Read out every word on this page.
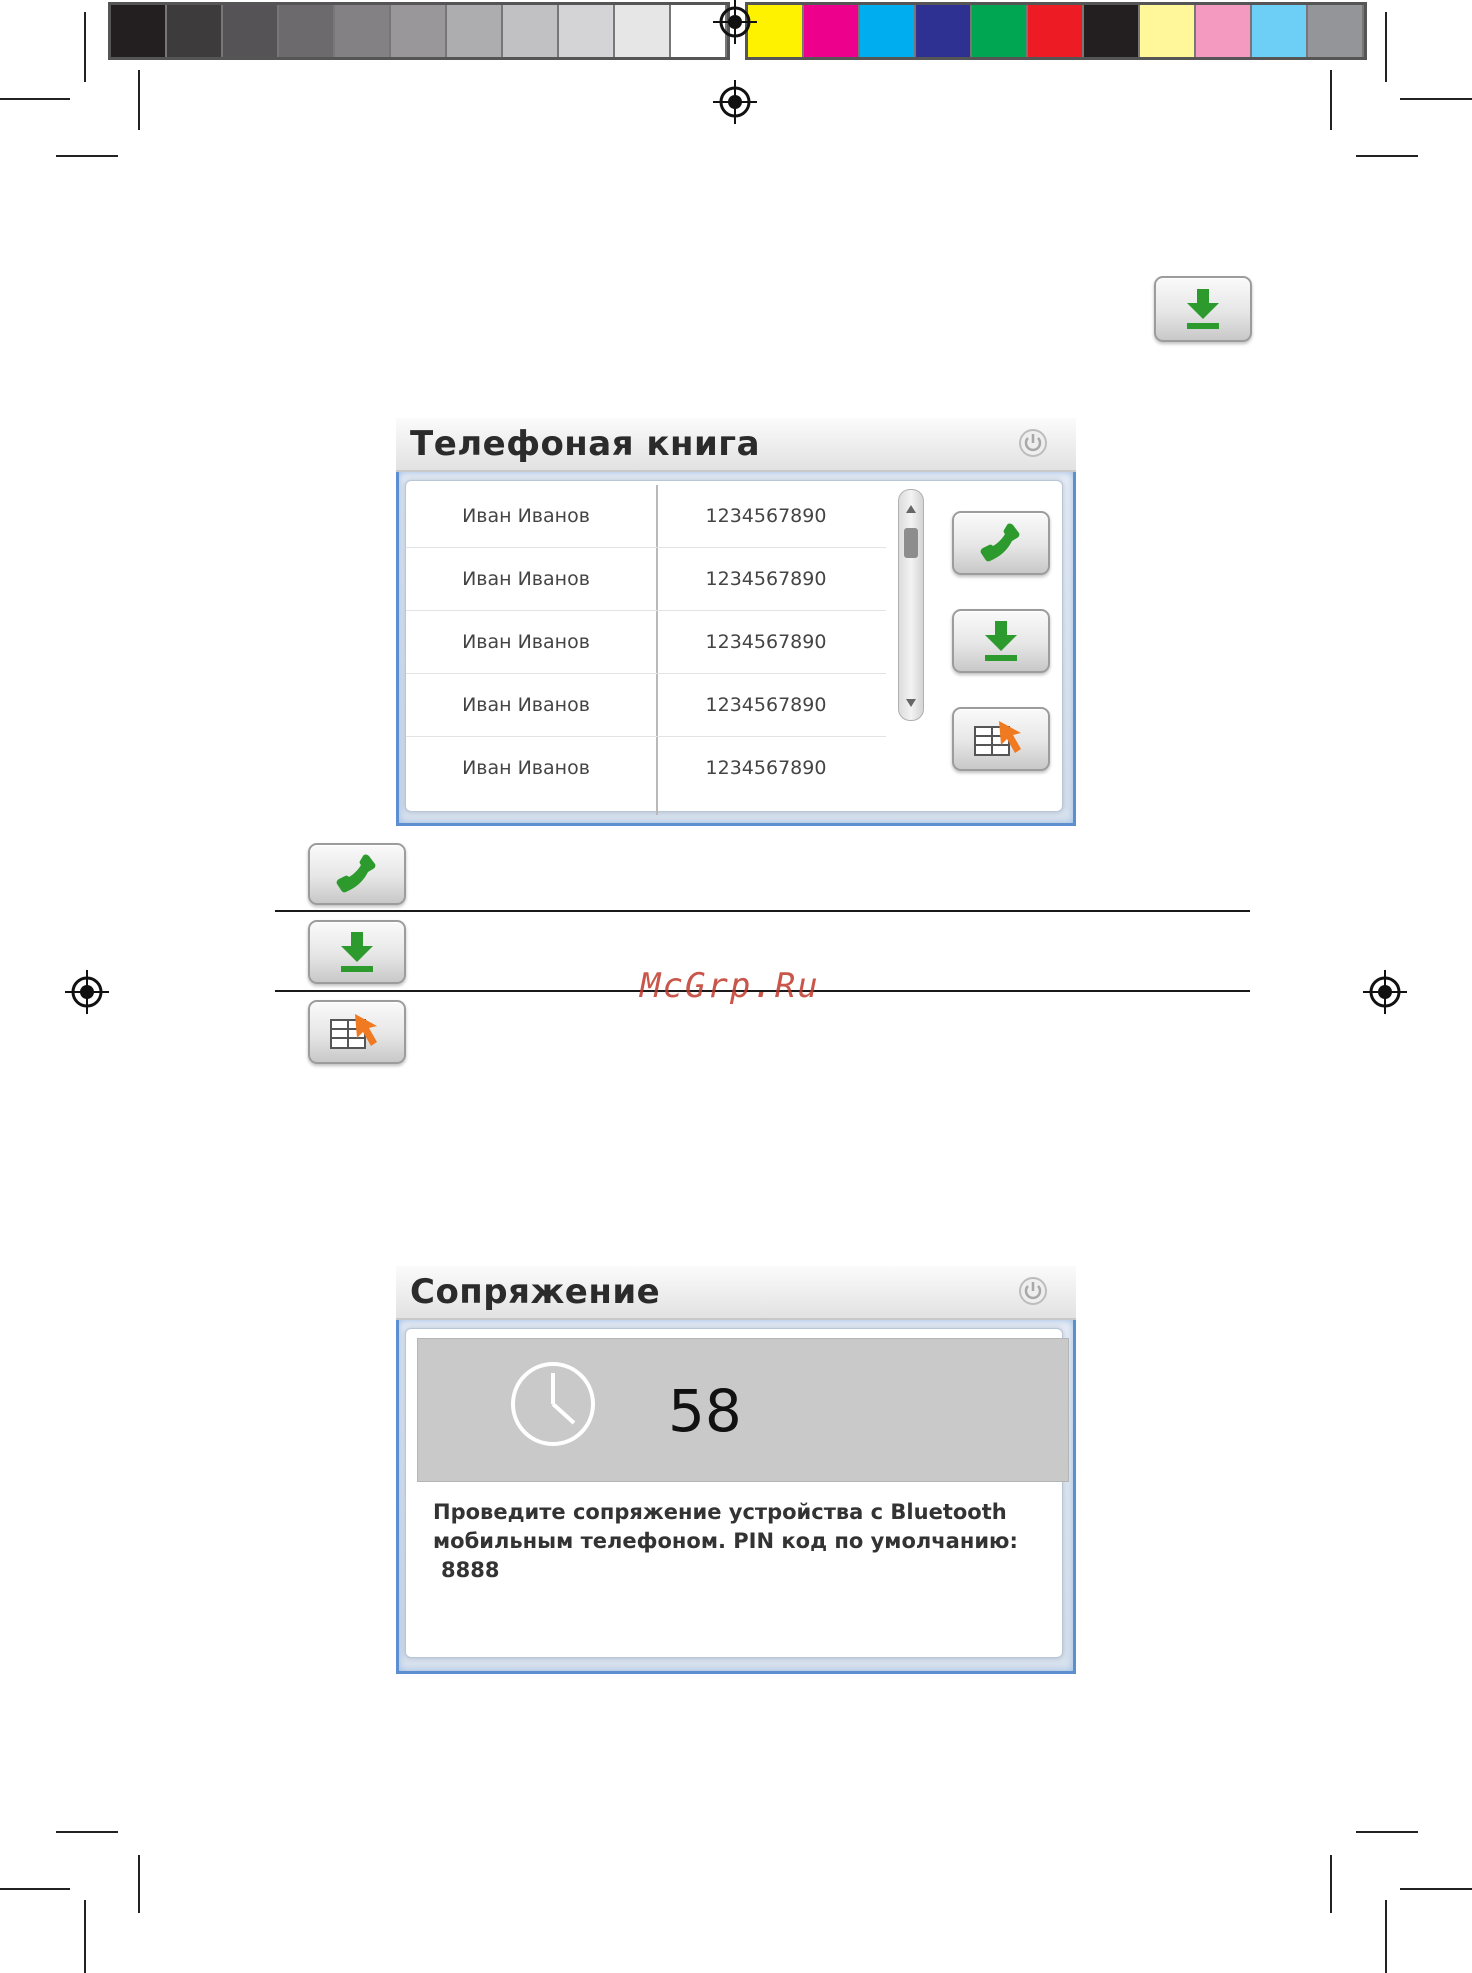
Телефоная книга
Иван Иванов	1234567890
Иван Иванов	1234567890
Иван Иванов	1234567890
Иван Иванов	1234567890
Иван Иванов	1234567890
McGrp.Ru
Сопряжение
58
Проведите сопряжение устройства с Bluetooth мобильным телефоном. PIN код по умолчанию:
8888
